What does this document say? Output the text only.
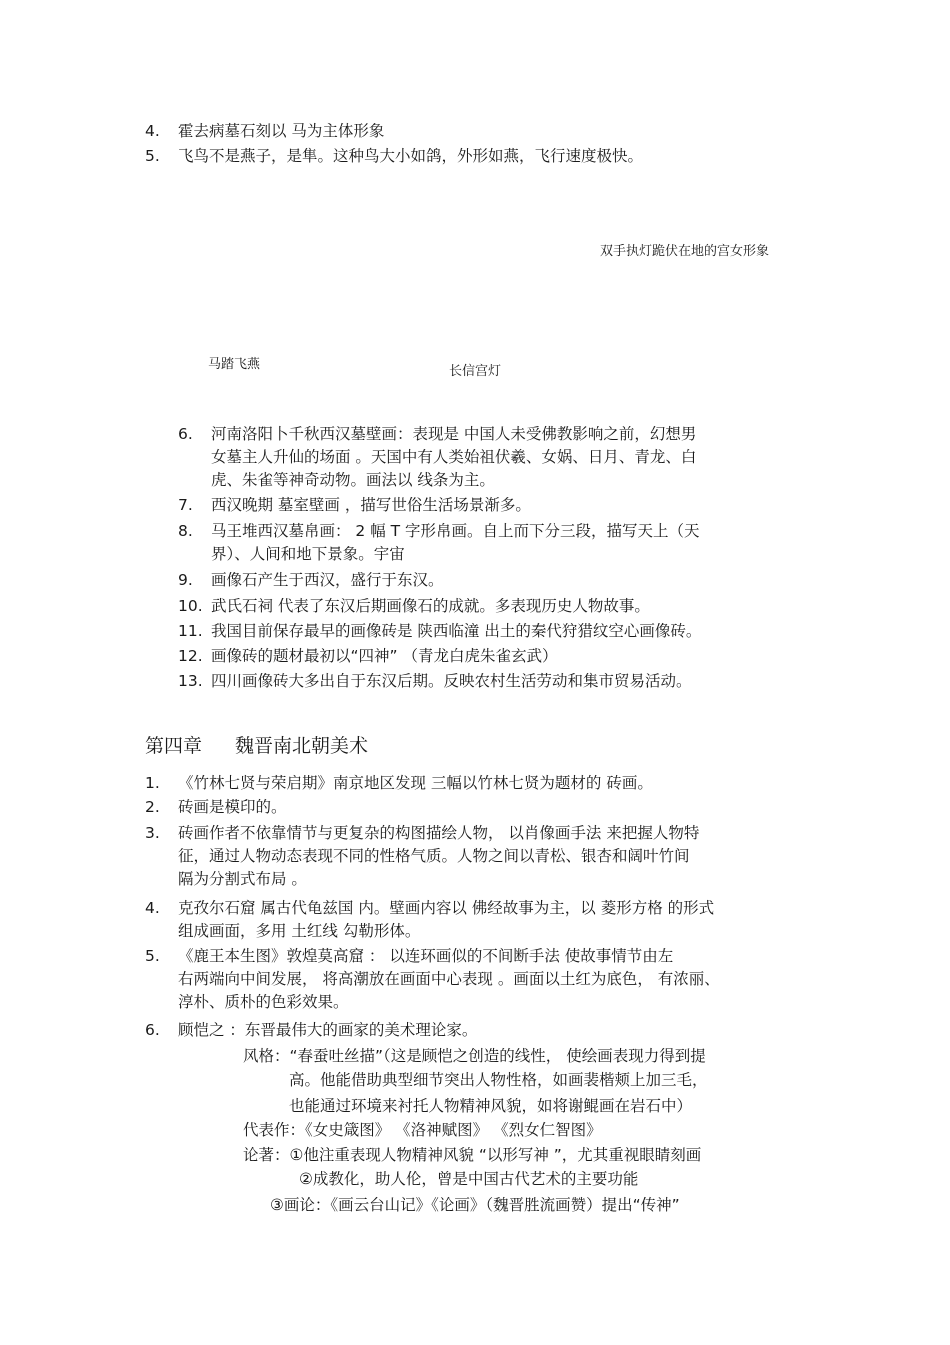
4. 霍去病墓石刻以 马为主体形象
5. 飞鸟不是燕子，是隼。这种鸟大小如鸽，外形如燕，飞行速度极快。
双手执灯跪伏在地的宫女形象
马踏飞燕	长信宫灯
6. 河南洛阳卜千秋西汉墓壁画：表现是 中国人未受佛教影响之前，幻想男
女墓主人升仙的场面 。天国中有人类始祖伏羲、女娲、日月、青龙、白
虎、朱雀等神奇动物。画法以 线条为主。
7. 西汉晚期 墓室壁画 ，描写世俗生活场景渐多。
8. 马王堆西汉墓帛画： 2 幅 T 字形帛画。自上而下分三段，描写天上（天
界）、人间和地下景象。宇宙
9. 画像石产生于西汉，盛行于东汉。
10. 武氏石祠 代表了东汉后期画像石的成就。多表现历史人物故事。
11. 我国目前保存最早的画像砖是 陕西临潼 出土的秦代狩猎纹空心画像砖。
12. 画像砖的题材最初以“四神” （青龙白虎朱雀玄武）
13. 四川画像砖大多出自于东汉后期。反映农村生活劳动和集市贸易活动。
第四章 魏晋南北朝美术
1. 《竹林七贤与荣启期》南京地区发现 三幅以竹林七贤为题材的 砖画。
2. 砖画是模印的。
3. 砖画作者不依靠情节与更复杂的构图描绘人物， 以肖像画手法 来把握人物特
征，通过人物动态表现不同的性格气质。人物之间以青松、银杏和阔叶竹间
隔为分割式布局 。
4. 克孜尔石窟 属古代龟兹国 内。壁画内容以 佛经故事为主，以 菱形方格 的形式
组成画面，多用 土红线 勾勒形体。
5. 《鹿王本生图》敦煌莫高窟 ： 以连环画似的不间断手法 使故事情节由左
右两端向中间发展， 将高潮放在画面中心表现 。画面以土红为底色， 有浓丽、
淳朴、质朴的色彩效果。
6. 顾恺之 ：东晋最伟大的画家的美术理论家。
风格：“春蚕吐丝描”（这是顾恺之创造的线性， 使绘画表现力得到提
高。他能借助典型细节突出人物性格，如画裴楷颊上加三毛，
也能通过环境来衬托人物精神风貌，如将谢鲲画在岩石中）
代表作：《女史箴图》 《洛神赋图》 《烈女仁智图》
论著：①他注重表现人物精神风貌 “以形写神 ”，尤其重视眼睛刻画
②成教化，助人伦，曾是中国古代艺术的主要功能
③画论：《画云台山记》《论画》（魏晋胜流画赞）提出“传神”
